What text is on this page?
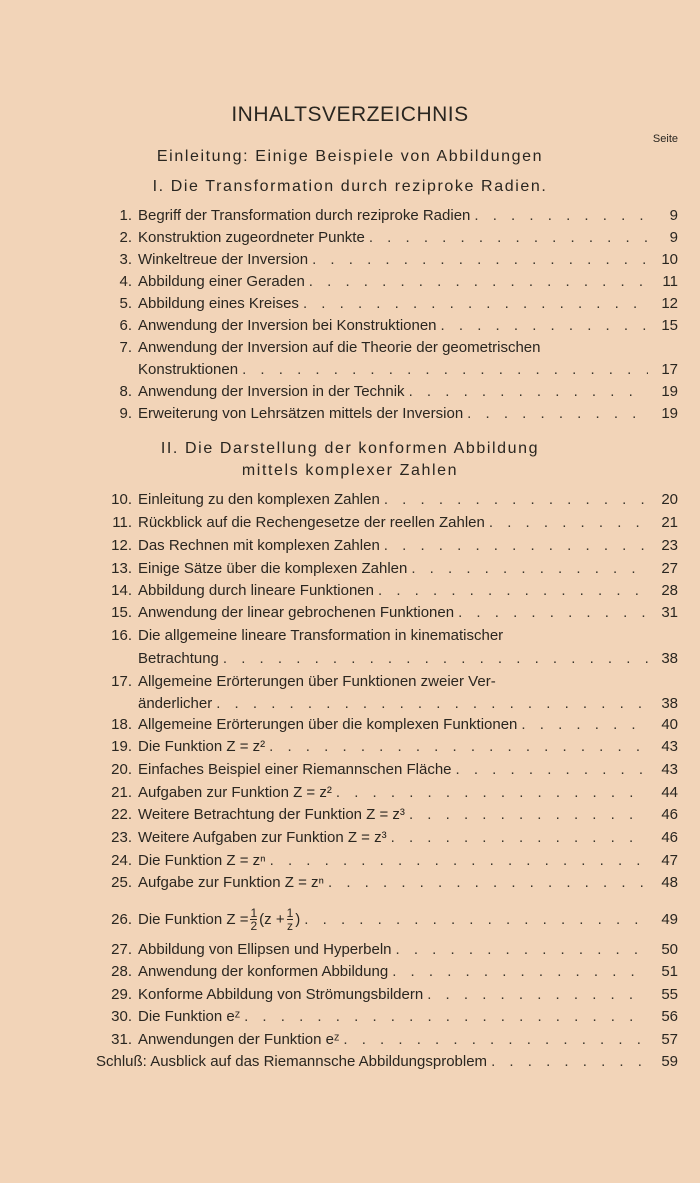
INHALTSVERZEICHNIS
Seite
Einleitung: Einige Beispiele von Abbildungen
I. Die Transformation durch reziproke Radien.
1. Begriff der Transformation durch reziproke Radien . . .	9
2. Konstruktion zugeordneter Punkte . . .	9
3. Winkeltreue der Inversion . . .	10
4. Abbildung einer Geraden . . .	11
5. Abbildung eines Kreises . . .	12
6. Anwendung der Inversion bei Konstruktionen . . .	15
7. Anwendung der Inversion auf die Theorie der geometrischen
Konstruktionen . . .	17
8. Anwendung der Inversion in der Technik . . .	19
9. Erweiterung von Lehrsätzen mittels der Inversion . . .	19
II. Die Darstellung der konformen Abbildung
mittels komplexer Zahlen
10. Einleitung zu den komplexen Zahlen . . .	20
11. Rückblick auf die Rechengesetze der reellen Zahlen . . .	21
12. Das Rechnen mit komplexen Zahlen . . .	23
13. Einige Sätze über die komplexen Zahlen . . .	27
14. Abbildung durch lineare Funktionen . . .	28
15. Anwendung der linear gebrochenen Funktionen . . .	31
16. Die allgemeine lineare Transformation in kinematischer
Betrachtung . . .	38
17. Allgemeine Erörterungen über Funktionen zweier Ver-
änderlicher . . .	38
18. Allgemeine Erörterungen über die komplexen Funktionen . . .	40
19. Die Funktion Z = z² . . .	43
20. Einfaches Beispiel einer Riemannschen Fläche . . .	43
21. Aufgaben zur Funktion Z = z² . . .	44
22. Weitere Betrachtung der Funktion Z = z³ . . .	46
23. Weitere Aufgaben zur Funktion Z = z³ . . .	46
24. Die Funktion Z = zⁿ . . .	47
25. Aufgabe zur Funktion Z = zⁿ . . .	48
26. Die Funktion $Z = \frac{1}{2} (z + \frac{1}{z}$ ) . . .	49
27. Abbildung von Ellipsen und Hyperbeln . . .	50
28. Anwendung der konformen Abbildung . . .	51
29. Konforme Abbildung von Strömungsbildern . . .	55
30. Die Funktion eᶻ . . .	56
31. Anwendungen der Funktion eᶻ . . .	57
Schluß: Ausblick auf das Riemannsche Abbildungsproblem . . .	59
